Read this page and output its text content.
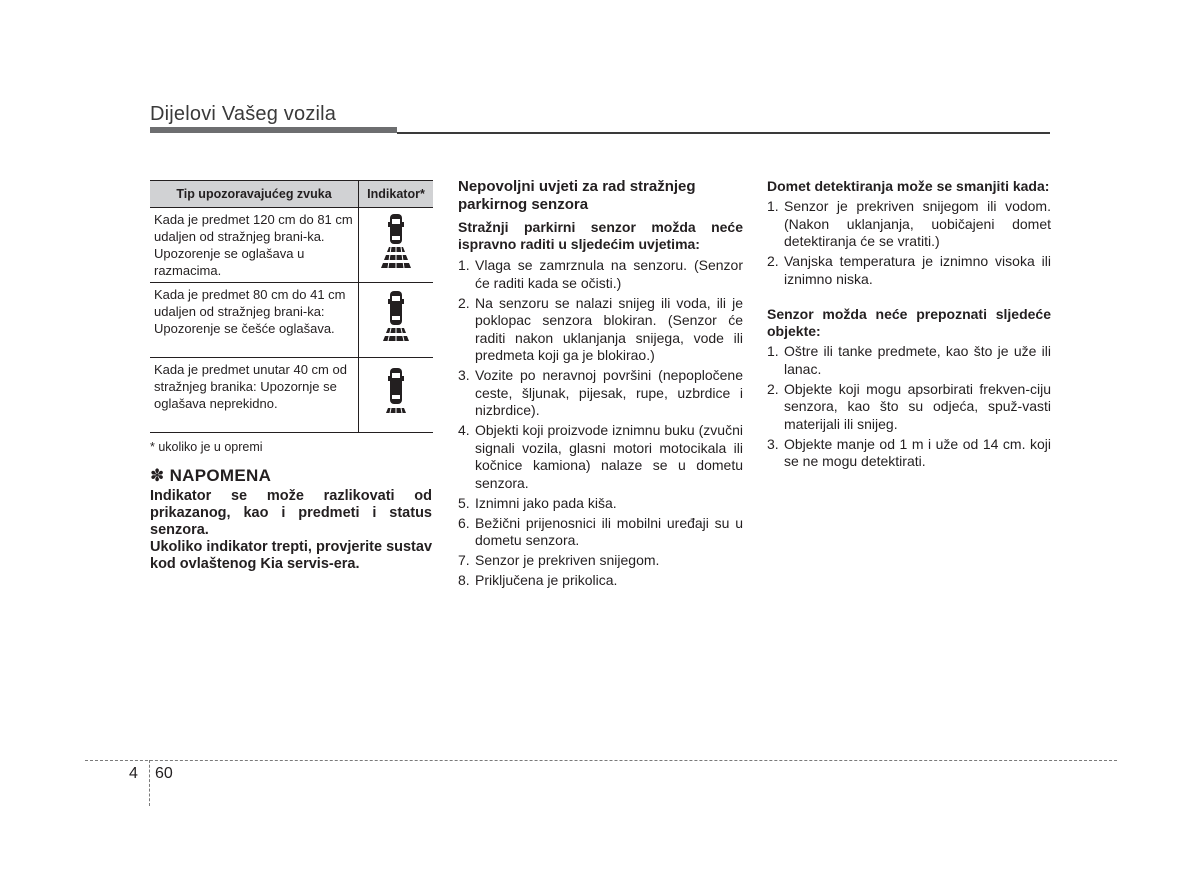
Dijelovi Vašeg vozila
Tip upozoravajućeg zvuka	Indikator*
Kada je predmet 120 cm do 81 cm udaljen od stražnjeg brani-ka. Upozorenje se oglašava u razmacima.	
Kada je predmet 80 cm do 41 cm udaljen od stražnjeg brani-ka: Upozorenje se češće oglašava.	
Kada je predmet unutar 40 cm od stražnjeg branika: Upozornje se oglašava neprekidno.	
* ukoliko je u opremi
✽ NAPOMENA

Indikator se može razlikovati od prikazanog, kao i predmeti i status senzora.

Ukoliko indikator trepti, provjerite sustav kod ovlaštenog Kia servis-era.

Nepovoljni uvjeti za rad stražnjeg parkirnog senzora
Stražnji parkirni senzor možda neće ispravno raditi u sljedećim uvjetima:
1. Vlaga se zamrznula na senzoru. (Senzor će raditi kada se očisti.)
2. Na senzoru se nalazi snijeg ili voda, ili je poklopac senzora blokiran. (Senzor će raditi nakon uklanjanja snijega, vode ili predmeta koji ga je blokirao.)
3. Vozite po neravnoj površini (nepopločene ceste, šljunak, pijesak, rupe, uzbrdice i nizbrdice).
4. Objekti koji proizvode iznimnu buku (zvučni signali vozila, glasni motori motocikala ili kočnice kamiona) nalaze se u dometu senzora.
5. Iznimni jako pada kiša.
6. Bežični prijenosnici ili mobilni uređaji su u dometu senzora.
7. Senzor je prekriven snijegom.
8. Priključena je prikolica.
Domet detektiranja može se smanjiti kada:
1. Senzor je prekriven snijegom ili vodom. (Nakon uklanjanja, uobičajeni domet detektiranja će se vratiti.)
2. Vanjska temperatura je iznimno visoka ili iznimno niska.
Senzor možda neće prepoznati sljedeće objekte:
1. Oštre ili tanke predmete, kao što je uže ili lanac.
2. Objekte koji mogu apsorbirati frekven-ciju senzora, kao što su odjeća, spuž-vasti materijali ili snijeg.
3. Objekte manje od 1 m i uže od 14 cm. koji se ne mogu detektirati.
4 60
